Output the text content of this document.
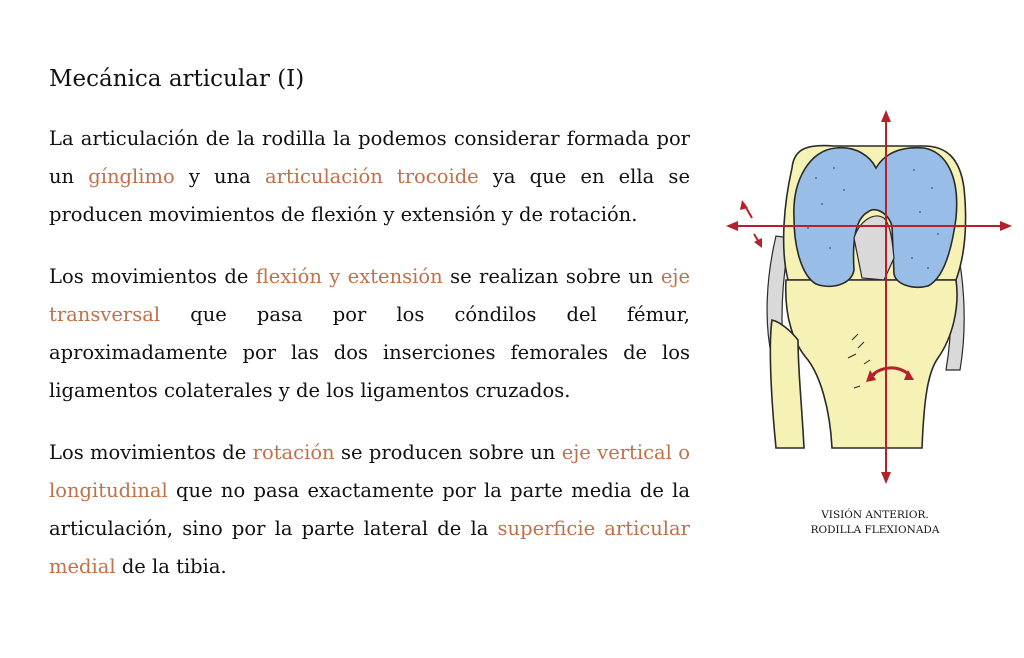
Mecánica articular (I)

La articulación de la rodilla la podemos considerar formada por un gínglimo y una articulación trocoide ya que en ella se producen movimientos de flexión y extensión y de rotación.

Los movimientos de flexión y extensión se realizan sobre un eje transversal que pasa por los cóndilos del fémur, aproximadamente por las dos inserciones femorales de los ligamentos colaterales y de los ligamentos cruzados.

Los movimientos de rotación se producen sobre un eje vertical o longitudinal que no pasa exactamente por la parte media de la articulación, sino por la parte lateral de la superficie articular medial de la tibia.

VISIÓN ANTERIOR.
RODILLA FLEXIONADA
